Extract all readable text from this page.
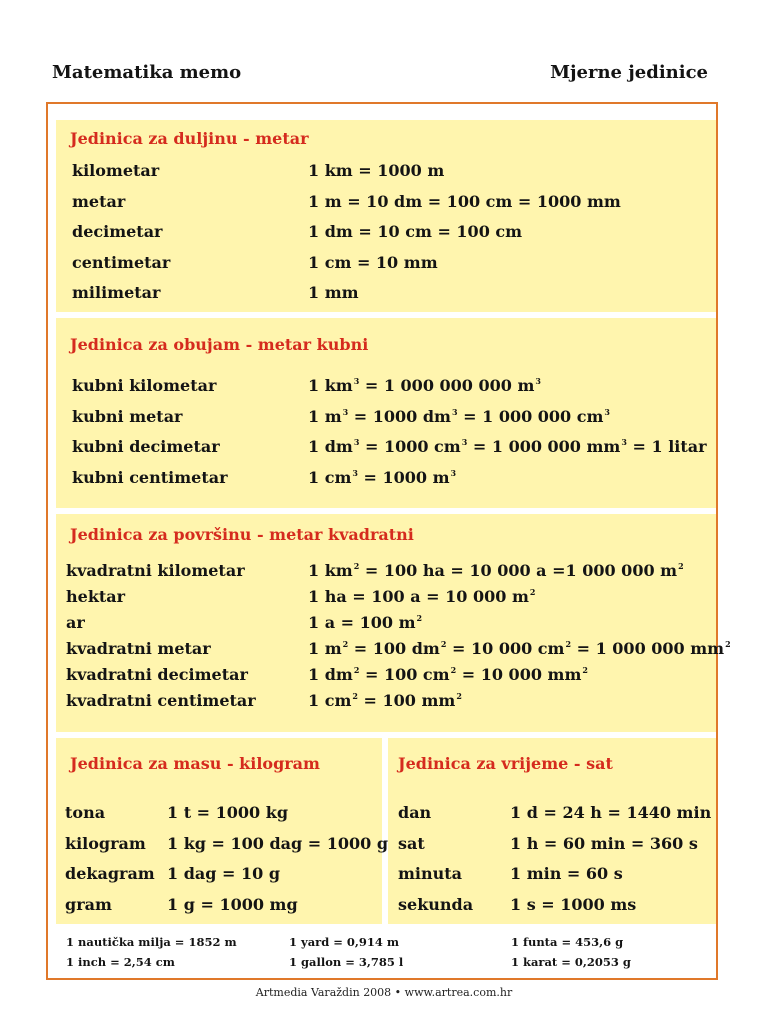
Matematika memo	Mjerne jedinice
Jedinica za duljinu - metar
Jedinica za obujam - metar kubni
Jedinica za površinu - metar kvadratni
Jedinica za masu - kilogram	Jedinica za vrijeme - sat
1 nautička milja = 1852 m	1 yard = 0,914 m	1 funta = 453,6 g
1 inch = 2,54 cm	1 gallon = 3,785 l	1 karat = 0,2053 g
Artmedia Varaždin 2008 • www.artrea.com.hr
kilometar	1 km = 1000 m
metar	1 m = 10 dm = 100 cm = 1000 mm
decimetar	1 dm = 10 cm = 100 cm
centimetar	1 cm = 10 mm
milimetar	1 mm
kubni kilometar	1 $km^3 = 1$ 000 000 000 $m^3$
kubni metar	1 $m^3 = 1000$ $dm^3 = 1$ 000 000 $cm^3$
kubni decimetar	1 $dm^3 = 1000$ $cm^3 = 1$ 000 000 $mm^3 = 1$ litar
kubni centimetar	1 $cm^3 = 1000$ $m^3$
kvadratni kilometar	1 $km^2 = 100$ ha = 10 000 a =1 000 000 $m^2$
hektar	1 ha = 100 a = 10 000 $m^2$
ar	1 a = 100 $m^2$
kvadratni metar	1 $m^2 = 100$ $dm^2 = 10$ 000 $cm^2 = 1$ 000 000 $mm^2$
kvadratni decimetar	1 $dm^2 = 100$ $cm^2 = 10$ 000 $mm^2$
kvadratni centimetar	1 $cm^2 = 100$ $mm^2$
tona	1 t = 1000 kg
kilogram 1 kg = 100 dag = 1000 g
dekagram 1 dag = 10 g
gram	1 g = 1000 mg
dan	1 d = 24 h = 1440 min
sat	1 h = 60 min = 360 s
minuta	1 min = 60 s
sekunda 1 s = 1000 ms
